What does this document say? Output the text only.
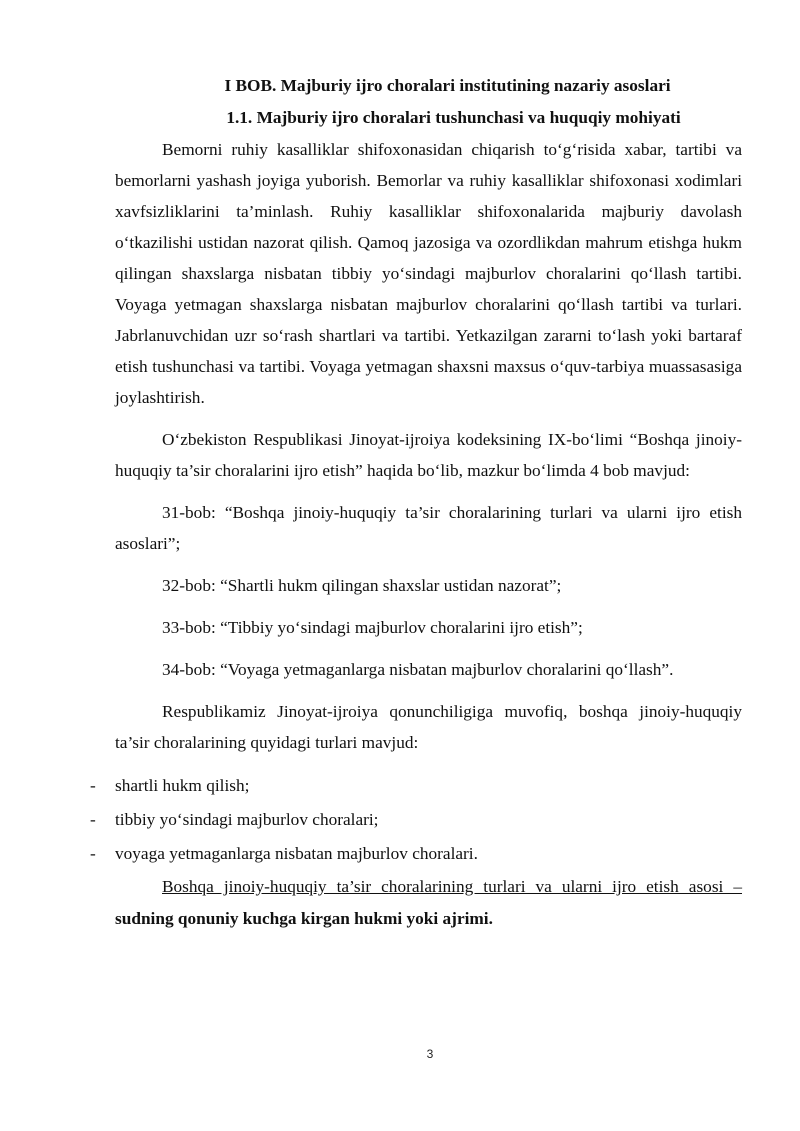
I BOB. Majburiy ijro choralari institutining nazariy asoslari

1.1. Majburiy ijro choralari tushunchasi va huquqiy mohiyati

Bemorni ruhiy kasalliklar shifoxonasidan chiqarish to‘g‘risida xabar, tartibi va bemorlarni yashash joyiga yuborish. Bemorlar va ruhiy kasalliklar shifoxonasi xodimlari xavfsizliklarini ta’minlash. Ruhiy kasalliklar shifoxonalarida majburiy davolash o‘tkazilishi ustidan nazorat qilish. Qamoq jazosiga va ozordlikdan mahrum etishga hukm qilingan shaxslarga nisbatan tibbiy yo‘sindagi majburlov choralarini qo‘llash tartibi. Voyaga yetmagan shaxslarga nisbatan majburlov choralarini qo‘llash tartibi va turlari. Jabrlanuvchidan uzr so‘rash shartlari va tartibi. Yetkazilgan zararni to‘lash yoki bartaraf etish tushunchasi va tartibi. Voyaga yetmagan shaxsni maxsus o‘quv-tarbiya muassasasiga joylashtirish.

O‘zbekiston Respublikasi Jinoyat-ijroiya kodeksining IX-bo‘limi “Boshqa jinoiy-huquqiy ta’sir choralarini ijro etish” haqida bo‘lib, mazkur bo‘limda 4 bob mavjud:

31-bob: “Boshqa jinoiy-huquqiy ta’sir choralarining turlari va ularni ijro etish asoslari”;

32-bob: “Shartli hukm qilingan shaxslar ustidan nazorat”;

33-bob: “Tibbiy yo‘sindagi majburlov choralarini ijro etish”;

34-bob: “Voyaga yetmaganlarga nisbatan majburlov choralarini qo‘llash”.

Respublikamiz Jinoyat-ijroiya qonunchiligiga muvofiq, boshqa jinoiy-huquqiy ta’sir choralarining quyidagi turlari mavjud:

- shartli hukm qilish;
- tibbiy yo‘sindagi majburlov choralari;
- voyaga yetmaganlarga nisbatan majburlov choralari.

Boshqa jinoiy-huquqiy ta’sir choralarining turlari va ularni ijro etish asosi – sudning qonuniy kuchga kirgan hukmi yoki ajrimi.

3
